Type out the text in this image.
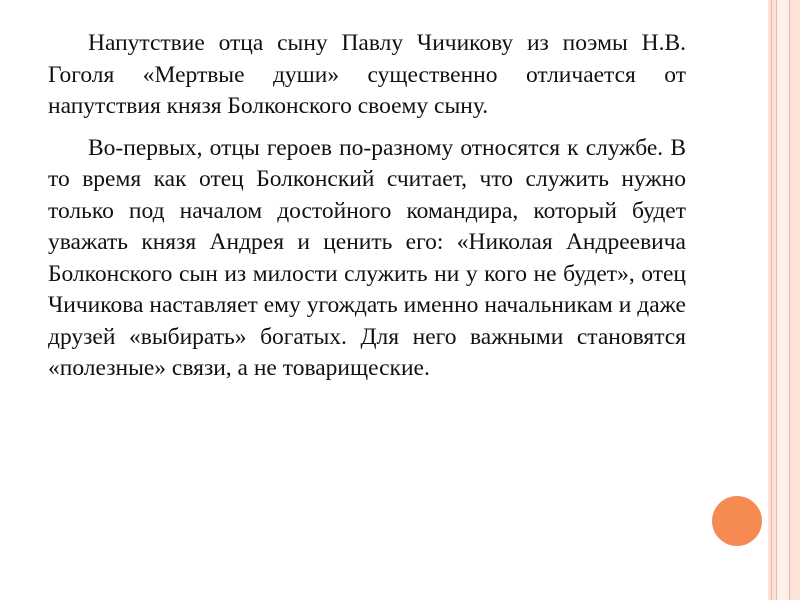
Напутствие отца сыну Павлу Чичикову из поэмы Н.В. Гоголя «Мертвые души» существенно отличается от напутствия князя Болконского своему сыну.

Во-первых, отцы героев по-разному относятся к службе. В то время как отец Болконский считает, что служить нужно только под началом достойного командира, который будет уважать князя Андрея и ценить его: «Николая Андреевича Болконского сын из милости служить ни у кого не будет», отец Чичикова наставляет ему угождать именно начальникам и даже друзей «выбирать» богатых. Для него важными становятся «полезные» связи, а не товарищеские.
